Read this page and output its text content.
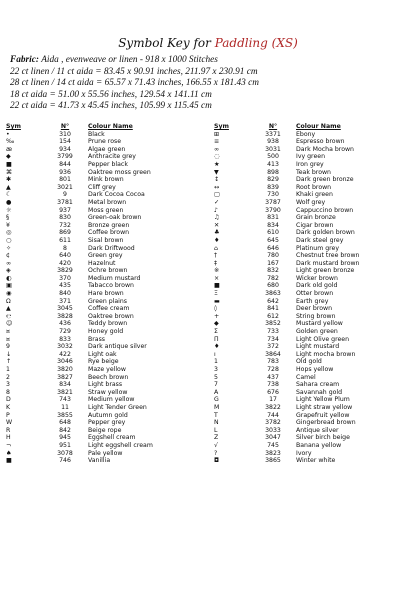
Symbol Key for Paddling (XS)
Fabric: Aida , evenweave or linen - 918 x 1000 Stitches
22 ct linen / 11 ct aida = 83.45 x 90.91 inches, 211.97 x 230.91 cm
28 ct linen / 14 ct aida = 65.57 x 71.43 inches, 166.55 x 181.43 cm
18 ct aida = 51.00 x 55.56 inches, 129.54 x 141.11 cm
22 ct aida = 41.73 x 45.45 inches, 105.99 x 115.45 cm
Sym	N°	Colour Name
•	310	Black
‰	154	Prune rose
æ	934	Algae green
◆	3799	Anthracite grey
■	844	Pepper black
⌘	936	Oaktree moss green
✱	801	Mink brown
▲	3021	Cliff grey
☾	9	Dark Cocoa Cocoa
●	3781	Metal brown
☼	937	Moss green
§	830	Green-oak brown
¥	732	Bronze green
◎	869	Coffee brown
○	611	Sisal brown
✧	8	Dark Driftwood
¢	640	Green grey
∞	420	Hazelnut
◈	3829	Ochre brown
◐	370	Medium mustard
▣	435	Tabacco brown
◉	840	Hare brown
Ω	371	Green plains
▲	3045	Coffee cream
℮	3828	Oaktree brown
☺	436	Teddy brown
¤	729	Honey gold
¤	833	Brass
9	3032	Dark antique silver
↓	422	Light oak
↑	3046	Rye beige
1	3820	Maze yellow
2	3827	Beech brown
3	834	Light brass
8	3821	Straw yellow
D	743	Medium yellow
K	11	Light Tender Green
P	3855	Autumn gold
W	648	Pepper grey
R	842	Beige rope
H	945	Eggshell cream
¬	951	Light eggshell cream
♠	3078	Pale yellow
■	746	Vanillia
Sym	N°	Colour Name
⊞	3371	Ebony
≡	938	Espresso brown
∞	3031	Dark Mocha brown
◌	500	Ivy green
★	413	Iron grey
▼	898	Teak brown
↕	829	Dark green bronze
↔	839	Root brown
▢	730	Khaki green
✓	3787	Wolf grey
♪	3790	Cappuccino brown
♫	831	Grain bronze
✕	834	Cigar brown
♣	610	Dark golden brown
♦	645	Dark steel grey
⌂	646	Platinum grey
†	780	Chestnut tree brown
‡	167	Dark mustard brown
※	832	Light green bronze
×	782	Wicker brown
■	680	Dark old gold
Ξ	3863	Otter brown
▬	642	Earth grey
◊	841	Deer brown
+	612	String brown
◆	3852	Mustard yellow
Σ	733	Golden green
Π	734	Light Olive green
♦	372	Light mustard
ı	3864	Light mocha brown
1	783	Old gold
3	728	Hops yellow
5	437	Camel
7	738	Sahara cream
A	676	Savannah gold
G	17	Light Yellow Plum
M	3822	Light straw yellow
T	744	Grapefruit yellow
N	3782	Gingerbread brown
L	3033	Antique silver
Z	3047	Silver birch beige
√	745	Banana yellow
?	3823	Ivory
◘	3865	Winter white
